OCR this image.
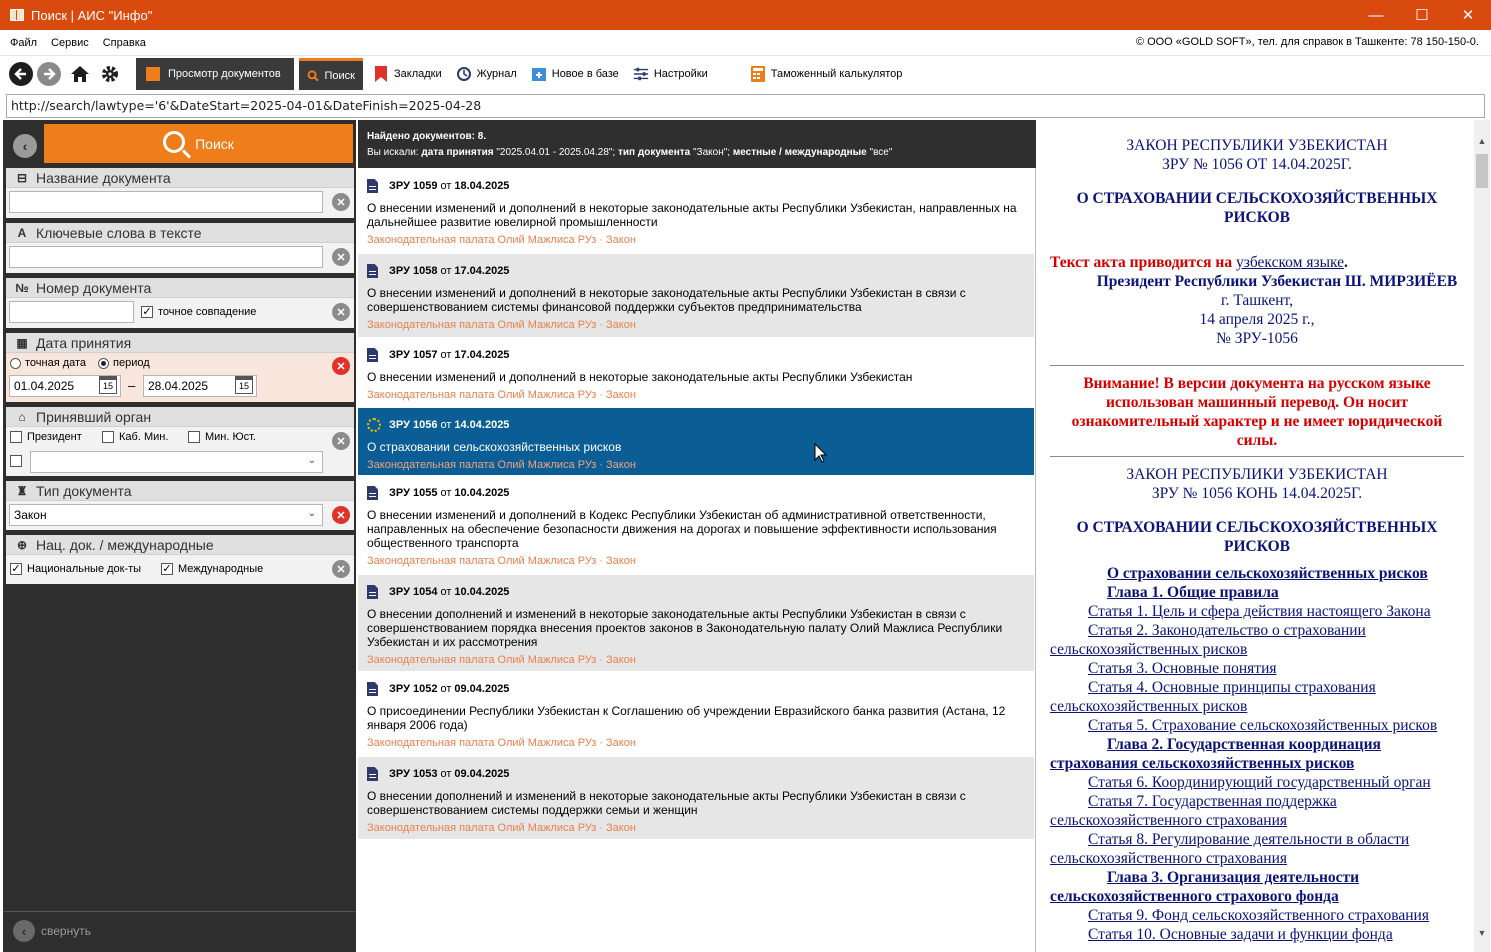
Поиск | АИС "Инфо"	—	☐	✕
Файл Сервис Справка	© ООО «GOLD SOFT», тел. для справок в Ташкенте: 78 150-150-0.
Просмотр документов	Поиск	Закладки	Журнал	Новое в базе	Настройки	Таможенный калькулятор
http://search/lawtype='6'&DateStart=2025-04-01&DateFinish=2025-04-28
‹	Поиск
⊟ Название документа
✕
A Ключевые слова в тексте
✕
№ Номер документа
✓ точное совпадение	✕
▦ Дата принятия
точная дата период
01.04.2025	15	–	28.04.2025	15
✕
⌂ Принявший орган
Президент	Каб. Мин.	Мин. Юст.
⌄
✕
♜ Тип документа
Закон	⌄	✕
⊕ Нац. док. / международные
✓ Национальные док-ты ✓ Международные	✕
‹	свернуть
Найдено документов: 8.
Вы искали: дата принятия "2025.04.01 - 2025.04.28"; тип документа "Закон"; местные / международные "все"
ЗРУ 1059 от 18.04.2025
О внесении изменений и дополнений в некоторые законодательные акты Республики Узбекистан, направленных на дальнейшее развитие ювелирной промышленности
Законодательная палата Олий Мажлиса РУз · Закон
ЗРУ 1058 от 17.04.2025
О внесении изменений и дополнений в некоторые законодательные акты Республики Узбекистан в связи с совершенствованием системы финансовой поддержки субъектов предпринимательства
Законодательная палата Олий Мажлиса РУз · Закон
ЗРУ 1057 от 17.04.2025
О внесении изменений и дополнений в некоторые законодательные акты Республики Узбекистан
Законодательная палата Олий Мажлиса РУз · Закон
ЗРУ 1056 от 14.04.2025
О страховании сельскохозяйственных рисков
Законодательная палата Олий Мажлиса РУз · Закон
ЗРУ 1055 от 10.04.2025
О внесении изменений и дополнений в Кодекс Республики Узбекистан об административной ответственности, направленных на обеспечение безопасности движения на дорогах и повышение эффективности использования общественного транспорта
Законодательная палата Олий Мажлиса РУз · Закон
ЗРУ 1054 от 10.04.2025
О внесении дополнений и изменений в некоторые законодательные акты Республики Узбекистан в связи с совершенствованием порядка внесения проектов законов в Законодательную палату Олий Мажлиса Республики Узбекистан и их рассмотрения
Законодательная палата Олий Мажлиса РУз · Закон
ЗРУ 1052 от 09.04.2025
О присоединении Республики Узбекистан к Соглашению об учреждении Евразийского банка развития (Астана, 12 января 2006 года)
Законодательная палата Олий Мажлиса РУз · Закон
ЗРУ 1053 от 09.04.2025
О внесении дополнений и изменений в некоторые законодательные акты Республики Узбекистан в связи с совершенствованием системы поддержки семьи и женщин
Законодательная палата Олий Мажлиса РУз · Закон
ЗАКОН РЕСПУБЛИКИ УЗБЕКИСТАН
ЗРУ № 1056 ОТ 14.04.2025Г.
О СТРАХОВАНИИ СЕЛЬСКОХОЗЯЙСТВЕННЫХ РИСКОВ
Текст акта приводится на узбекском языке.
Президент Республики Узбекистан Ш. МИРЗИЁЕВ
г. Ташкент,
14 апреля 2025 г.,
№ ЗРУ-1056
Внимание! В версии документа на русском языке использован машинный перевод. Он носит ознакомительный характер и не имеет юридической силы.
ЗАКОН РЕСПУБЛИКИ УЗБЕКИСТАН
ЗРУ № 1056 КОНЬ 14.04.2025Г.
О СТРАХОВАНИИ СЕЛЬСКОХОЗЯЙСТВЕННЫХ РИСКОВ
О страховании сельскохозяйственных рисков
Глава 1. Общие правила
Статья 1. Цель и сфера действия настоящего Закона
Статья 2. Законодательство о страховании сельскохозяйственных рисков
Статья 3. Основные понятия
Статья 4. Основные принципы страхования сельскохозяйственных рисков
Статья 5. Страхование сельскохозяйственных рисков
Глава 2. Государственная координация страхования сельскохозяйственных рисков
Статья 6. Координирующий государственный орган
Статья 7. Государственная поддержка сельскохозяйственного страхования
Статья 8. Регулирование деятельности в области сельскохозяйственного страхования
Глава 3. Организация деятельности сельскохозяйственного страхового фонда
Статья 9. Фонд сельскохозяйственного страхования
Статья 10. Основные задачи и функции фонда
▲
▼
